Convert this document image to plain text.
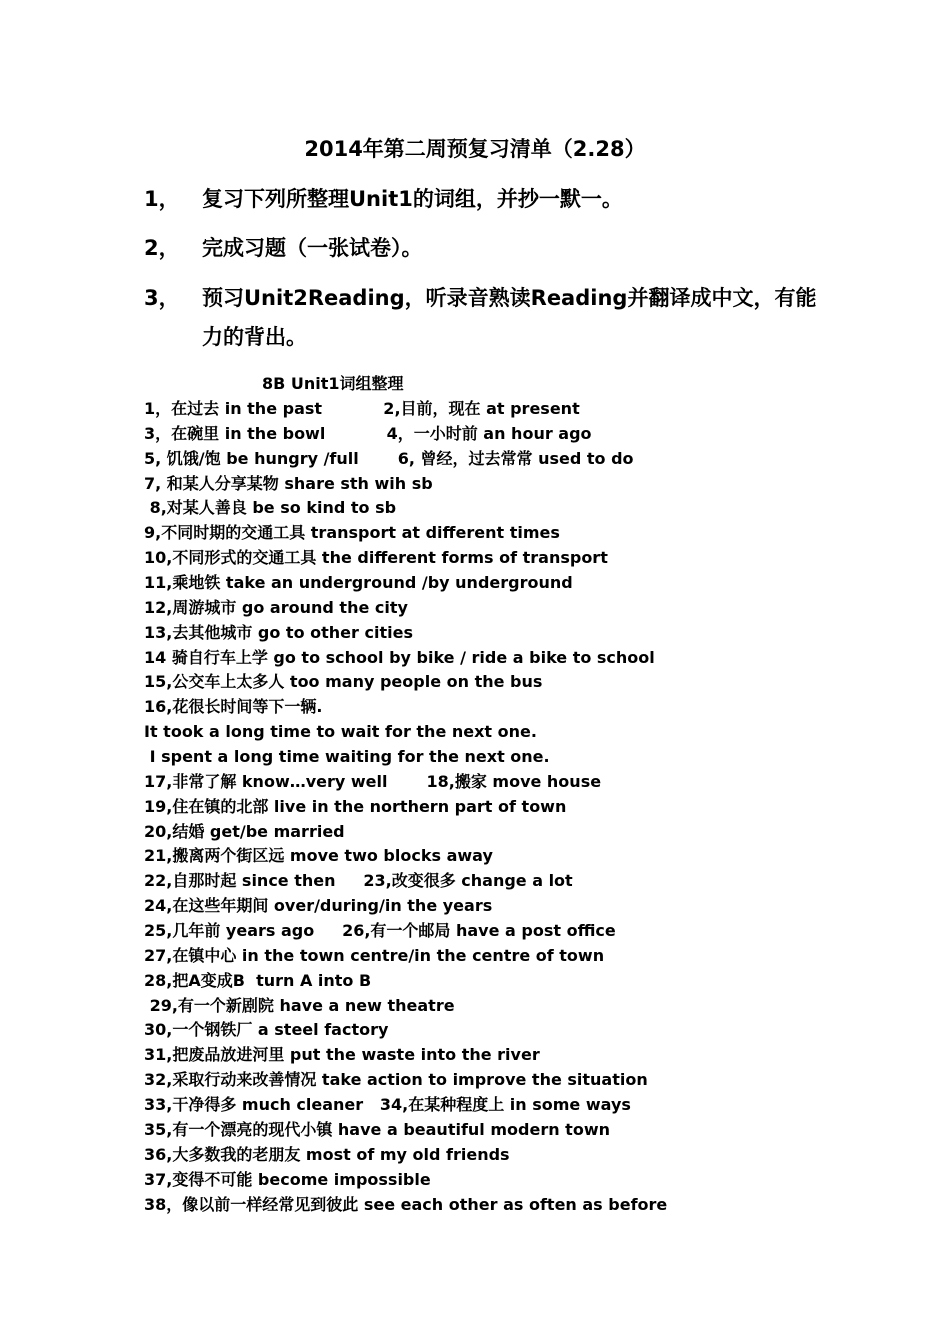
2014年第二周预复习清单（2.28）
1，	复习下列所整理Unit1的词组，并抄一默一。
2，	完成习题（一张试卷）。
3，	预习Unit2Reading，听录音熟读Reading并翻译成中文，有能力的背出。
8B Unit1词组整理
1，在过去 in the past           2,目前，现在 at present
3，在碗里 in the bowl           4，一小时前 an hour ago
5, 饥饿/饱 be hungry /full       6, 曾经，过去常常 used to do
7, 和某人分享某物 share sth wih sb
8,对某人善良 be so kind to sb
9,不同时期的交通工具 transport at different times
10,不同形式的交通工具 the different forms of transport
11,乘地铁 take an underground /by underground
12,周游城市 go around the city
13,去其他城市 go to other cities
14 骑自行车上学 go to school by bike / ride a bike to school
15,公交车上太多人 too many people on the bus
16,花很长时间等下一辆.
It took a long time to wait for the next one.
I spent a long time waiting for the next one.
17,非常了解 know…very well       18,搬家 move house
19,住在镇的北部 live in the northern part of town
20,结婚 get/be married
21,搬离两个街区远 move two blocks away
22,自那时起 since then     23,改变很多 change a lot
24,在这些年期间 over/during/in the years
25,几年前 years ago     26,有一个邮局 have a post office
27,在镇中心 in the town centre/in the centre of town
28,把A变成B  turn A into B
29,有一个新剧院 have a new theatre
30,一个钢铁厂 a steel factory
31,把废品放进河里 put the waste into the river
32,采取行动来改善情况 take action to improve the situation
33,干净得多 much cleaner   34,在某种程度上 in some ways
35,有一个漂亮的现代小镇 have a beautiful modern town
36,大多数我的老朋友 most of my old friends
37,变得不可能 become impossible
38，像以前一样经常见到彼此 see each other as often as before
